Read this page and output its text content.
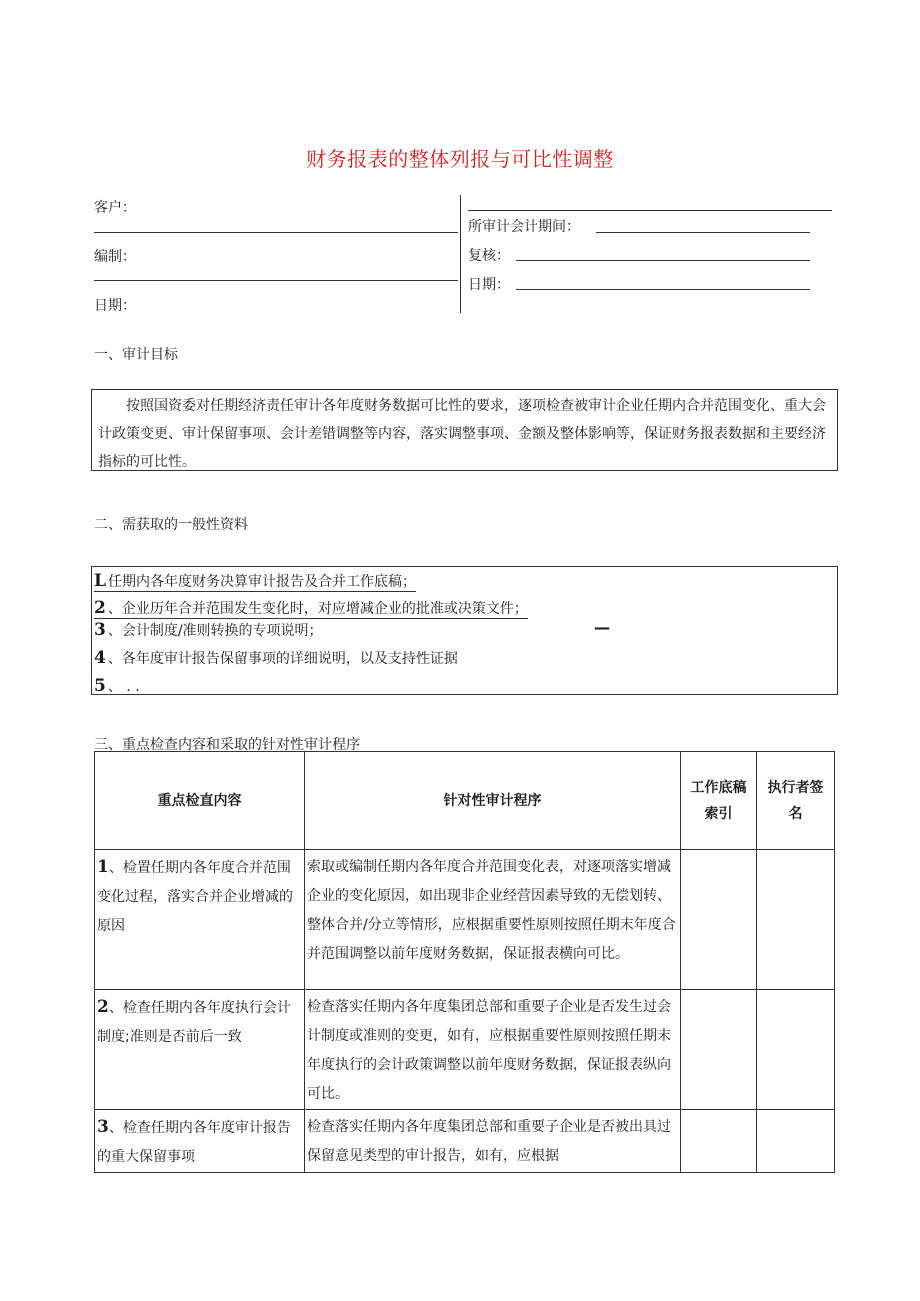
财务报表的整体列报与可比性调整
客户：
编制：
日期：
所审计会计期间：
复核：
日期：
一、审计目标
按照国资委对任期经济责任审计各年度财务数据可比性的要求，逐项检查被审计企业任期内合并范围变化、重大会计政策变更、审计保留事项、会计差错调整等内容，落实调整事项、金额及整体影响等，保证财务报表数据和主要经济指标的可比性。
二、需获取的一般性资料
L 任期内各年度财务决算审计报告及合并工作底稿；
2 、企业历年合并范围发生变化时，对应增减企业的批准或决策文件；
3 、会计制度/准则转换的专项说明；	—
4 、各年度审计报告保留事项的详细说明，以及支持性证据
5 、 . .
三、重点检查内容和采取的针对性审计程序
重点检直内容	针对性审计程序	工作底稿索引	执行者签名
1、检置任期内各年度合并范围变化过程，落实合并企业增减的原因	索取或编制任期内各年度合并范围变化表，对逐项落实增减企业的变化原因，如出现非企业经营因素导致的无偿划转、整体合并/分立等情形，应根据重要性原则按照任期末年度合并范围调整以前年度财务数据，保证报表横向可比。		
2、检查任期内各年度执行会计制度;准则是否前后一致	检查落实任期内各年度集团总部和重要子企业是否发生过会计制度或准则的变更，如有，应根据重要性原则按照任期末年度执行的会计政策调整以前年度财务数据，保证报表纵向可比。		
3、检查任期内各年度审计报告的重大保留事项	检查落实任期内各年度集团总部和重要子企业是否被出具过保留意见类型的审计报告，如有，应根据		
